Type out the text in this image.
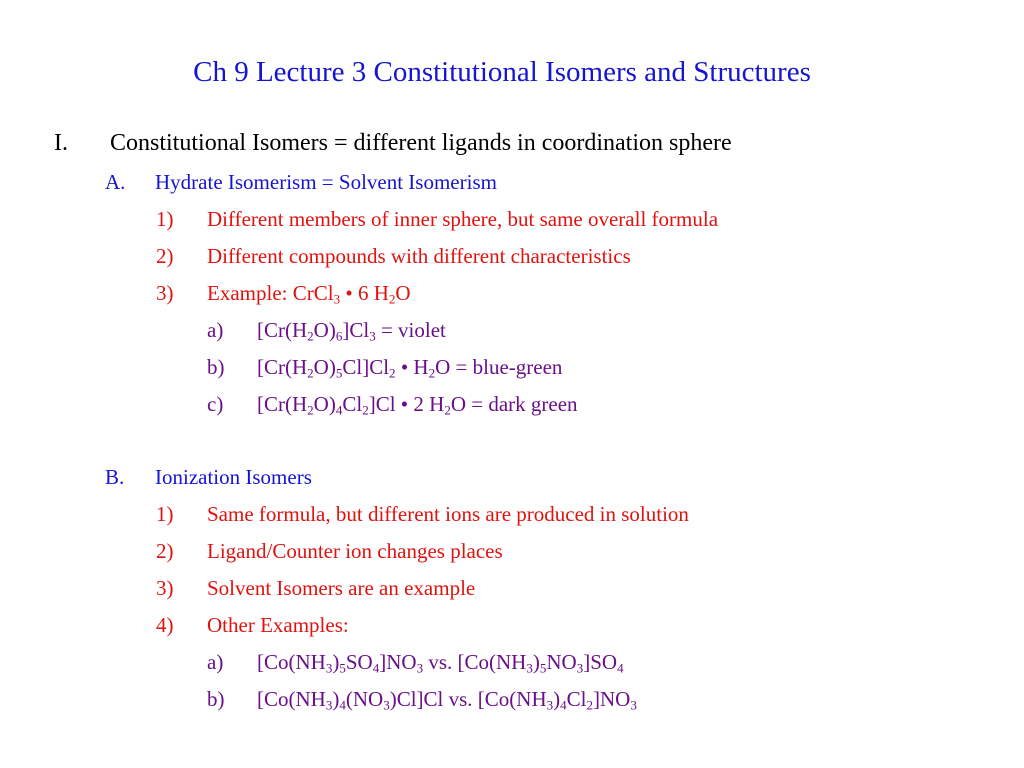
Ch 9 Lecture 3 Constitutional Isomers and Structures
I. Constitutional Isomers = different ligands in coordination sphere
A. Hydrate Isomerism = Solvent Isomerism
1) Different members of inner sphere, but same overall formula
2) Different compounds with different characteristics
3) Example: CrCl$_3$ • 6 $H_2O$
a) $[Cr(H_2O)_6]Cl_3$ = violet
b) $[Cr(H_2O)_5Cl]Cl_2$ • $H_2O$ = blue-green
c) $[Cr(H_2O)_4Cl_2]Cl$ • 2 $H_2O$ = dark green
B. Ionization Isomers
1) Same formula, but different ions are produced in solution
2) Ligand/Counter ion changes places
3) Solvent Isomers are an example
4) Other Examples:
a) $[Co(NH_3)_5SO_4]NO_3$ vs. $[Co(NH_3)_5NO_3]SO_4$
b) $[Co(NH_3)_4(NO_3)Cl]Cl$ vs. $[Co(NH_3)_4Cl_2]NO_3$
